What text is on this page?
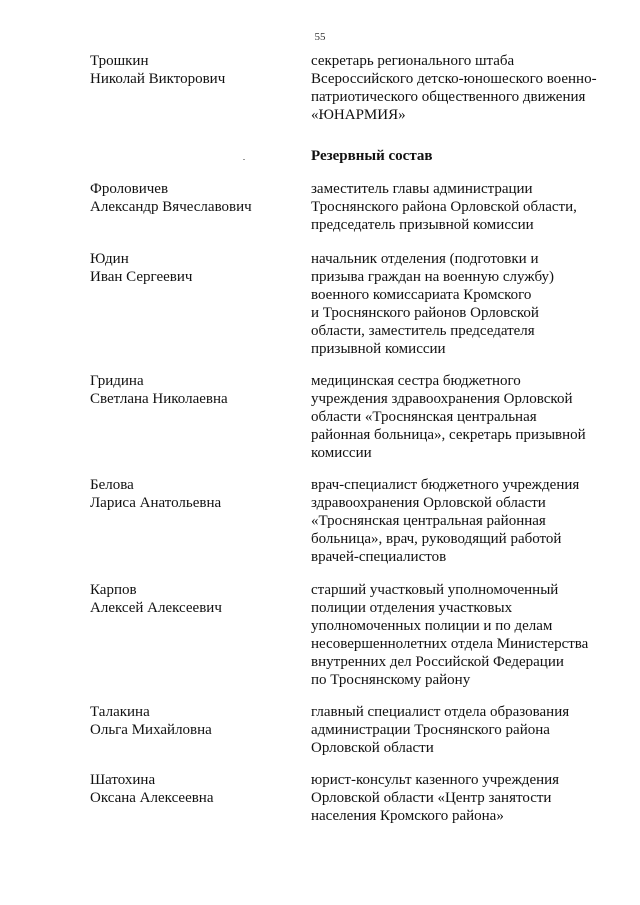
55
Трошкин
Николай Викторович
секретарь регионального штаба
Всероссийского детско-юношеского военно-
патриотического общественного движения
«ЮНАРМИЯ»
Резервный состав
Фроловичев
Александр Вячеславович
заместитель главы администрации
Троснянского района Орловской области,
председатель призывной комиссии
Юдин
Иван Сергеевич
начальник отделения (подготовки и
призыва граждан на военную службу)
военного комиссариата Кромского
и Троснянского районов Орловской
области, заместитель председателя
призывной комиссии
Гридина
Светлана Николаевна
медицинская сестра бюджетного
учреждения здравоохранения Орловской
области «Троснянская центральная
районная больница», секретарь призывной
комиссии
Белова
Лариса Анатольевна
врач-специалист бюджетного учреждения
здравоохранения Орловской области
«Троснянская центральная районная
больница», врач, руководящий работой
врачей-специалистов
Карпов
Алексей Алексеевич
старший участковый уполномоченный
полиции отделения участковых
уполномоченных полиции и по делам
несовершеннолетних отдела Министерства
внутренних дел Российской Федерации
по Троснянскому району
Талакина
Ольга Михайловна
главный специалист отдела образования
администрации Троснянского района
Орловской области
Шатохина
Оксана Алексеевна
юрист-консульт казенного учреждения
Орловской области «Центр занятости
населения Кромского района»
